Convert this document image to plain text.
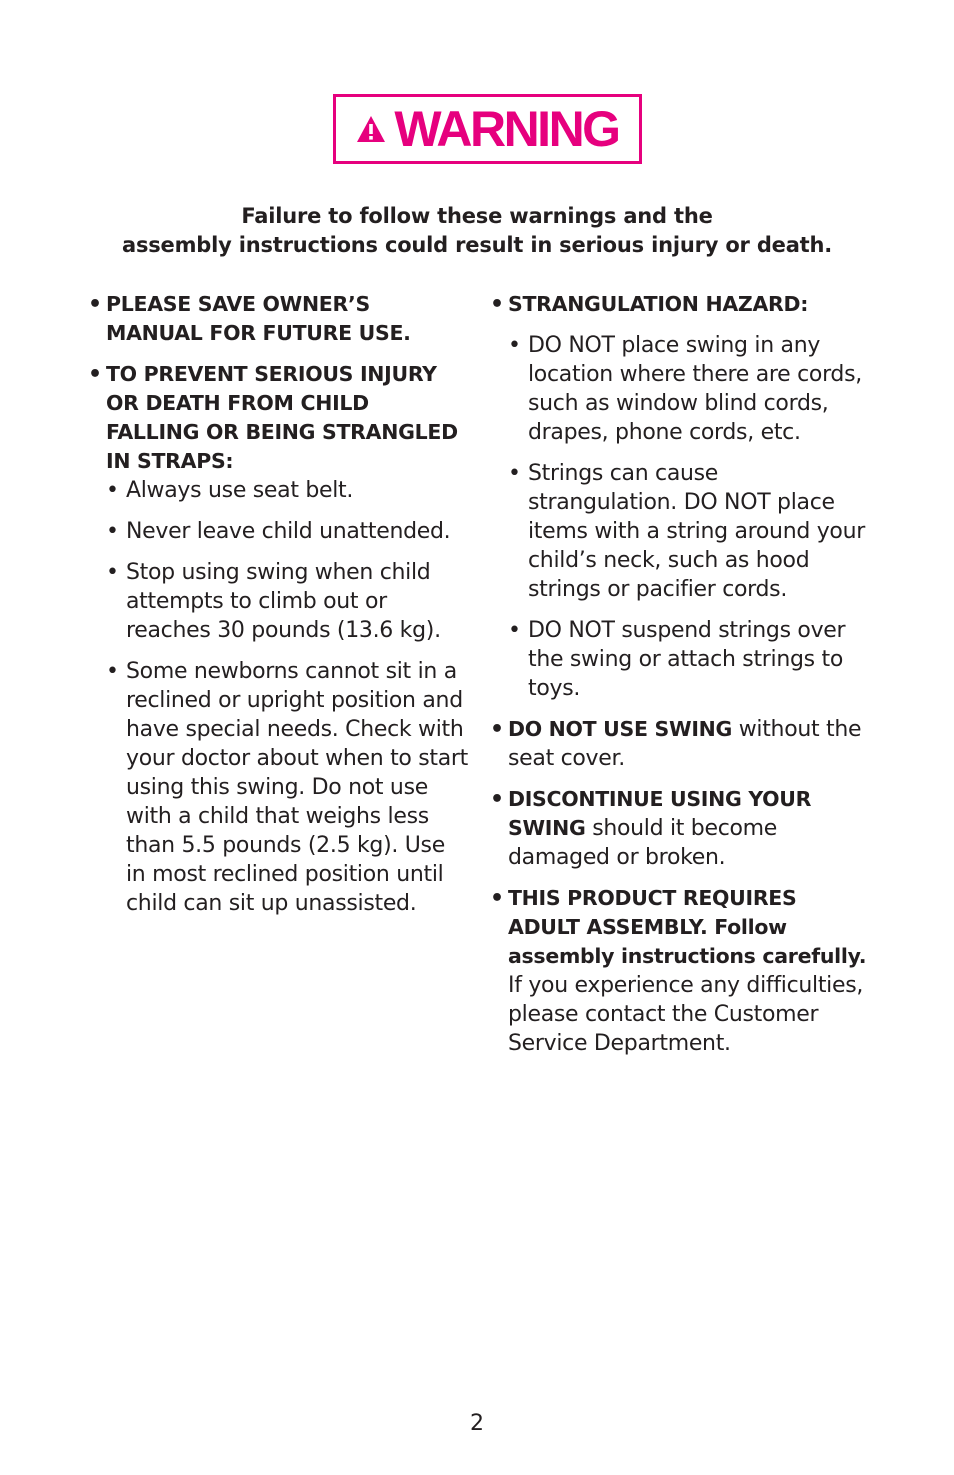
WARNING
Failure to follow these warnings and the
assembly instructions could result in serious injury or death.
• PLEASE SAVE OWNER’S MANUAL FOR FUTURE USE.
• TO PREVENT SERIOUS INJURY OR DEATH FROM CHILD FALLING OR BEING STRANGLED IN STRAPS:
• Always use seat belt.
• Never leave child unattended.
• Stop using swing when child attempts to climb out or reaches 30 pounds (13.6 kg).
• Some newborns cannot sit in a reclined or upright position and have special needs. Check with your doctor about when to start using this swing. Do not use with a child that weighs less than 5.5 pounds (2.5 kg). Use in most reclined position until child can sit up unassisted.
• STRANGULATION HAZARD:
• DO NOT place swing in any location where there are cords, such as window blind cords, drapes, phone cords, etc.
• Strings can cause strangulation. DO NOT place items with a string around your child’s neck, such as hood strings or pacifier cords.
• DO NOT suspend strings over the swing or attach strings to toys.
• DO NOT USE SWING without the seat cover.
• DISCONTINUE USING YOUR SWING should it become damaged or broken.
• THIS PRODUCT REQUIRES ADULT ASSEMBLY. Follow assembly instructions carefully. If you experience any difficulties, please contact the Customer Service Department.
2
